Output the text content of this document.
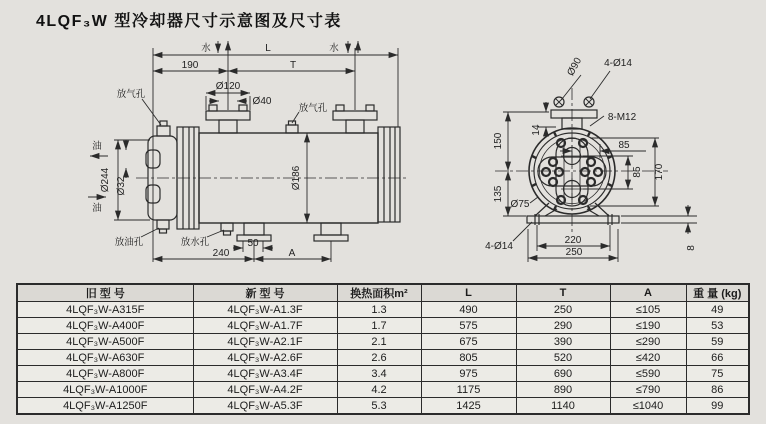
4LQF₃W 型冷却器尺寸示意图及尺寸表
水	L	水
190	T
Ø120
Ø40
放气孔
放气孔
油
油
Ø244 Ø32	Ø186
放油孔	放水孔	50
240	A
Ø90 4-Ø14
8-M12
150
14
135
85
85 170
Ø75
4-Ø14
220
250	8
旧 型 号	新 型 号	换热面积m²	L	T	A	重 量 (kg)
4LQF₃W-A315F	4LQF₃W-A1.3F	1.3	490	250	≤105	49
4LQF₃W-A400F	4LQF₃W-A1.7F	1.7	575	290	≤190	53
4LQF₃W-A500F	4LQF₃W-A2.1F	2.1	675	390	≤290	59
4LQF₃W-A630F	4LQF₃W-A2.6F	2.6	805	520	≤420	66
4LQF₃W-A800F	4LQF₃W-A3.4F	3.4	975	690	≤590	75
4LQF₃W-A1000F	4LQF₃W-A4.2F	4.2	1175	890	≤790	86
4LQF₃W-A1250F	4LQF₃W-A5.3F	5.3	1425	1140	≤1040	99
